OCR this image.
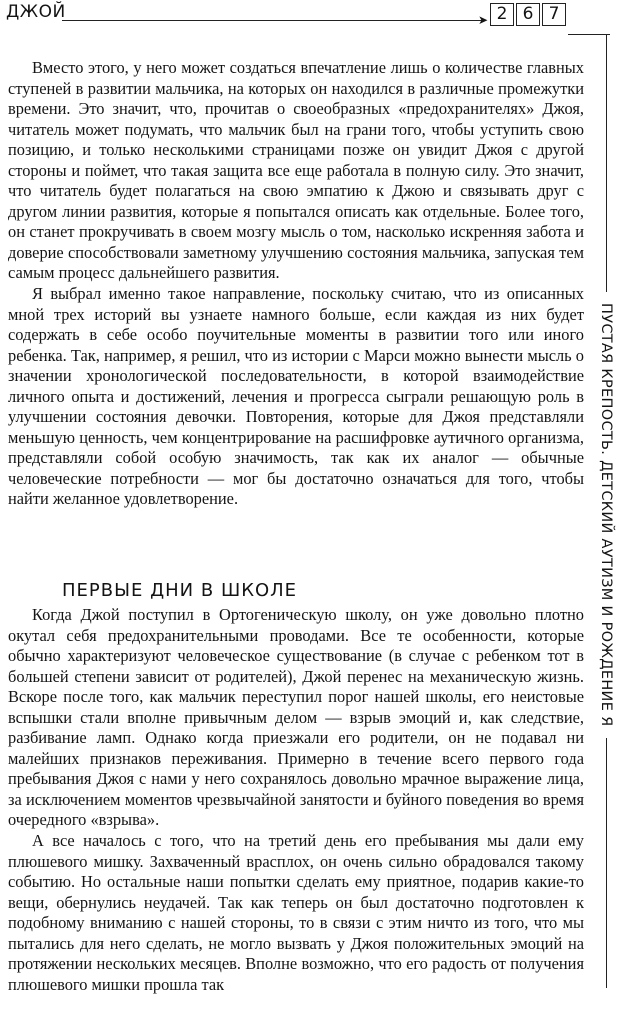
ДЖОЙ	➤ 2 6 7
ПУСТАЯ КРЕПОСТЬ. ДЕТСКИЙ АУТИЗМ И РОЖДЕНИЕ Я

Вместо этого, у него может создаться впечатление лишь о количестве главных ступеней в развитии мальчика, на которых он находился в различные промежутки времени. Это значит, что, прочитав о своеобразных «предохранителях» Джоя, читатель может подумать, что мальчик был на грани того, чтобы уступить свою позицию, и только несколькими страницами позже он увидит Джоя с другой стороны и поймет, что такая защита все еще работала в полную силу. Это значит, что читатель будет полагаться на свою эмпатию к Джою и связывать друг с другом линии развития, которые я попытался описать как отдельные. Более того, он станет прокручивать в своем мозгу мысль о том, насколько искренняя забота и доверие способствовали заметному улучшению состояния мальчика, запуская тем самым процесс дальнейшего развития.

Я выбрал именно такое направление, поскольку считаю, что из описанных мной трех историй вы узнаете намного больше, если каждая из них будет содержать в себе особо поучительные моменты в развитии того или иного ребенка. Так, например, я решил, что из истории с Марси можно вынести мысль о значении хронологической последовательности, в которой взаимодействие личного опыта и достижений, лечения и прогресса сыграли решающую роль в улучшении состояния девочки. Повторения, которые для Джоя представляли меньшую ценность, чем концентрирование на расшифровке аутичного организма, представляли собой особую значимость, так как их аналог — обычные человеческие потребности — мог бы достаточно означаться для того, чтобы найти желанное удовлетворение.

ПЕРВЫЕ ДНИ В ШКОЛЕ

Когда Джой поступил в Ортогеническую школу, он уже довольно плотно окутал себя предохранительными проводами. Все те особенности, которые обычно характеризуют человеческое существование (в случае с ребенком тот в большей степени зависит от родителей), Джой перенес на механическую жизнь. Вскоре после того, как мальчик переступил порог нашей школы, его неистовые вспышки стали вполне привычным делом — взрыв эмоций и, как следствие, разбивание ламп. Однако когда приезжали его родители, он не подавал ни малейших признаков переживания. Примерно в течение всего первого года пребывания Джоя с нами у него сохранялось довольно мрачное выражение лица, за исключением моментов чрезвычайной занятости и буйного поведения во время очередного «взрыва».

А все началось с того, что на третий день его пребывания мы дали ему плюшевого мишку. Захваченный врасплох, он очень сильно обрадовался такому событию. Но остальные наши попытки сделать ему приятное, подарив какие-то вещи, обернулись неудачей. Так как теперь он был достаточно подготовлен к подобному вниманию с нашей стороны, то в связи с этим ничто из того, что мы пытались для него сделать, не могло вызвать у Джоя положительных эмоций на протяжении нескольких месяцев. Вполне возможно, что его радость от получения плюшевого мишки прошла так
